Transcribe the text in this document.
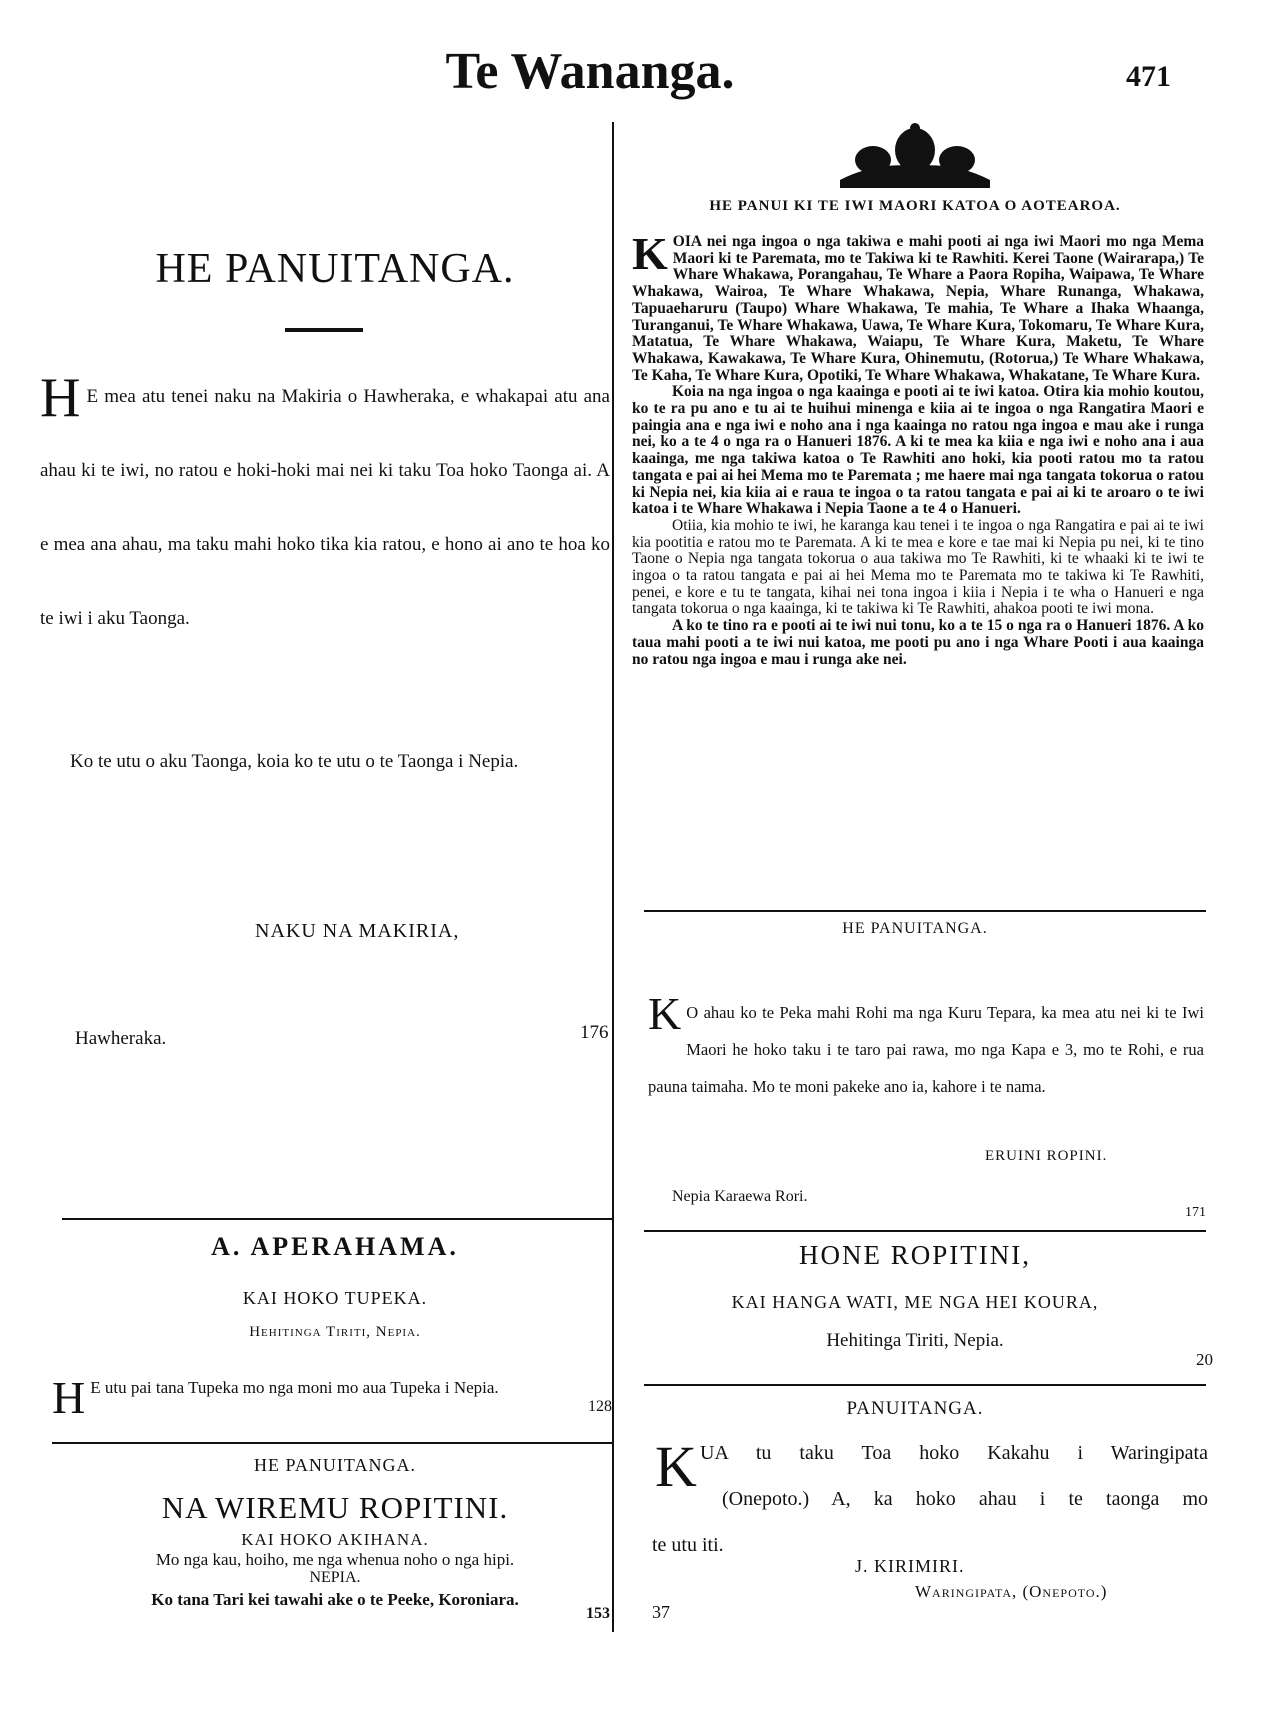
Te Wananga.	471
HE PANUITANGA.
H E mea atu tenei naku na Makiria o Hawheraka, e whakapai atu ana ahau ki te iwi, no ratou e hoki-hoki mai nei ki taku Toa hoko Taonga ai. A e mea ana ahau, ma taku mahi hoko tika kia ratou, e hono ai ano te hoa ko te iwi i aku Taonga.
Ko te utu o aku Taonga, koia ko te utu o te Taonga i Nepia.
NAKU NA MAKIRIA,
Hawheraka.	176
A. APERAHAMA.
KAI HOKO TUPEKA.
Hehitinga Tiriti, Nepia.
H E utu pai tana Tupeka mo nga moni mo aua Tupeka i Nepia.
128
HE PANUITANGA.
NA WIREMU ROPITINI.
KAI HOKO AKIHANA.
Mo nga kau, hoiho, me nga whenua noho o nga hipi.
NEPIA.
Ko tana Tari kei tawahi ake o te Peeke, Koroniara.
153
HE PANUI KI TE IWI MAORI KATOA O AOTEAROA.
K OIA nei nga ingoa o nga takiwa e mahi pooti ai nga iwi Maori mo nga Mema Maori ki te Paremata, mo te Takiwa ki te Rawhiti. Kerei Taone (Wairarapa,) Te Whare Whakawa, Porangahau, Te Whare a Paora Ropiha, Waipawa, Te Whare Whakawa, Wairoa, Te Whare Whakawa, Nepia, Whare Runanga, Whakawa, Tapuaeharuru (Taupo) Whare Whakawa, Te mahia, Te Whare a Ihaka Whaanga, Turanganui, Te Whare Whakawa, Uawa, Te Whare Kura, Tokomaru, Te Whare Kura, Matatua, Te Whare Whakawa, Waiapu, Te Whare Kura, Maketu, Te Whare Whakawa, Kawakawa, Te Whare Kura, Ohinemutu, (Rotorua,) Te Whare Whakawa, Te Kaha, Te Whare Kura, Opotiki, Te Whare Whakawa, Whakatane, Te Whare Kura.

Koia na nga ingoa o nga kaainga e pooti ai te iwi katoa. Otira kia mohio koutou, ko te ra pu ano e tu ai te huihui minenga e kiia ai te ingoa o nga Rangatira Maori e paingia ana e nga iwi e noho ana i nga kaainga no ratou nga ingoa e mau ake i runga nei, ko a te 4 o nga ra o Hanueri 1876. A ki te mea ka kiia e nga iwi e noho ana i aua kaainga, me nga takiwa katoa o Te Rawhiti ano hoki, kia pooti ratou mo ta ratou tangata e pai ai hei Mema mo te Paremata ; me haere mai nga tangata tokorua o ratou ki Nepia nei, kia kiia ai e raua te ingoa o ta ratou tangata e pai ai ki te aroaro o te iwi katoa i te Whare Whakawa i Nepia Taone a te 4 o Hanueri.

Otiia, kia mohio te iwi, he karanga kau tenei i te ingoa o nga Rangatira e pai ai te iwi kia pootitia e ratou mo te Paremata. A ki te mea e kore e tae mai ki Nepia pu nei, ki te tino Taone o Nepia nga tangata tokorua o aua takiwa mo Te Rawhiti, ki te whaaki ki te iwi te ingoa o ta ratou tangata e pai ai hei Mema mo te Paremata mo te takiwa ki Te Rawhiti, penei, e kore e tu te tangata, kihai nei tona ingoa i kiia i Nepia i te wha o Hanueri e nga tangata tokorua o nga kaainga, ki te takiwa ki Te Rawhiti, ahakoa pooti te iwi mona.

A ko te tino ra e pooti ai te iwi nui tonu, ko a te 15 o nga ra o Hanueri 1876. A ko taua mahi pooti a te iwi nui katoa, me pooti pu ano i nga Whare Pooti i aua kaainga no ratou nga ingoa e mau i runga ake nei.

HE PANUITANGA.
K O ahau ko te Peka mahi Rohi ma nga Kuru Tepara, ka mea atu nei ki te Iwi Maori he hoko taku i te taro pai rawa, mo nga Kapa e 3, mo te Rohi, e rua pauna taimaha. Mo te moni pakeke ano ia, kahore i te nama.
ERUINI ROPINI.
Nepia Karaewa Rori.
171
HONE ROPITINI,
KAI HANGA WATI, ME NGA HEI KOURA,
Hehitinga Tiriti, Nepia.
20
PANUITANGA.
K UA tu taku Toa hoko Kakahu i Waringipata
(Onepoto.) A, ka hoko ahau i te taonga mo
te utu iti.
J. KIRIMIRI.
Waringipata, (Onepoto.)
37
